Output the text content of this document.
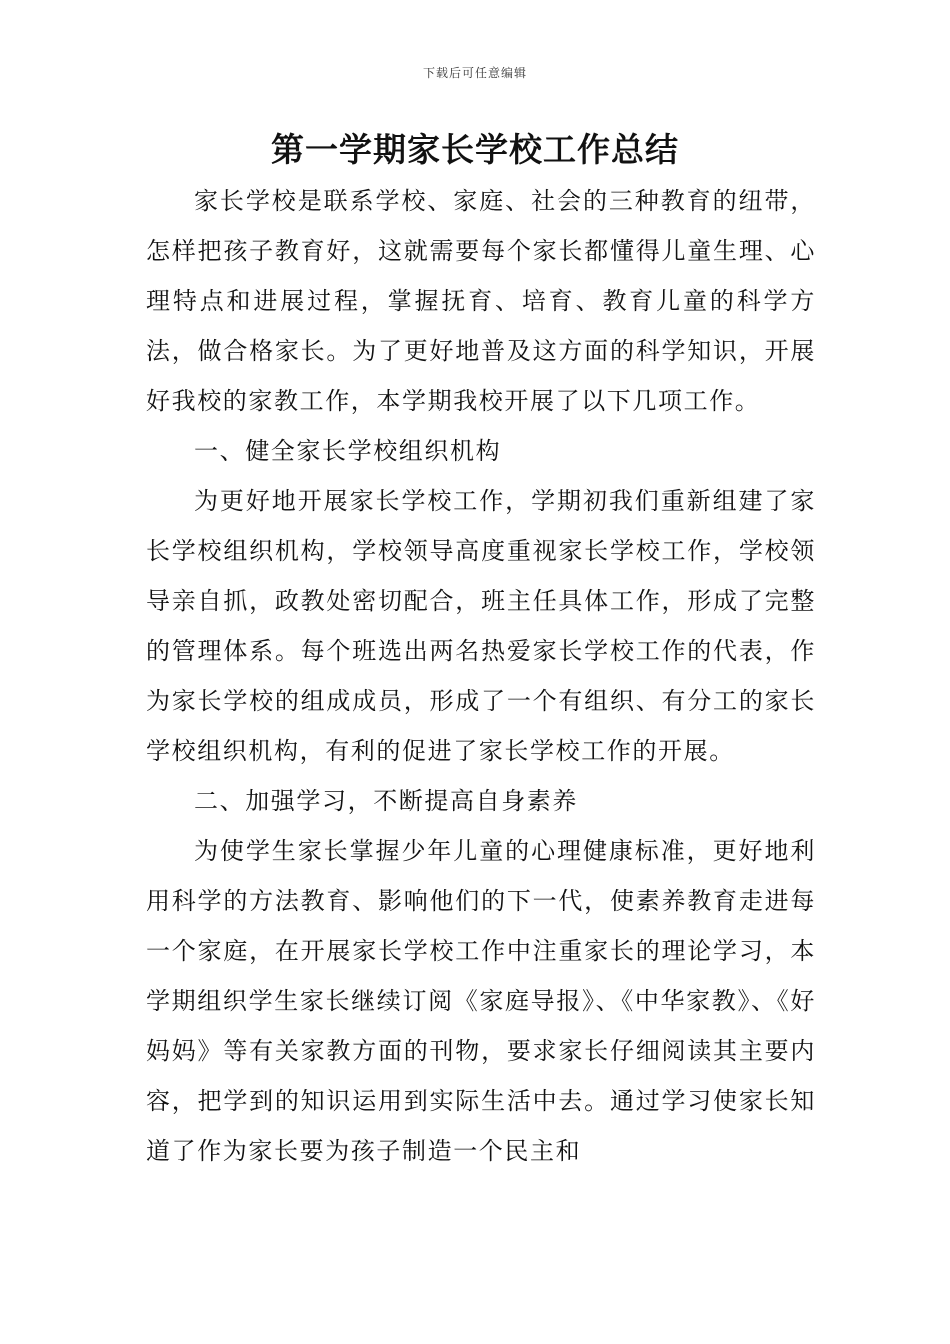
下载后可任意编辑
第一学期家长学校工作总结

家长学校是联系学校、家庭、社会的三种教育的纽带，怎样把孩子教育好，这就需要每个家长都懂得儿童生理、心理特点和进展过程，掌握抚育、培育、教育儿童的科学方法，做合格家长。为了更好地普及这方面的科学知识，开展好我校的家教工作，本学期我校开展了以下几项工作。

一、健全家长学校组织机构

为更好地开展家长学校工作，学期初我们重新组建了家长学校组织机构，学校领导高度重视家长学校工作，学校领导亲自抓，政教处密切配合，班主任具体工作，形成了完整的管理体系。每个班选出两名热爱家长学校工作的代表，作为家长学校的组成成员，形成了一个有组织、有分工的家长学校组织机构，有利的促进了家长学校工作的开展。

二、加强学习，不断提高自身素养

为使学生家长掌握少年儿童的心理健康标准，更好地利用科学的方法教育、影响他们的下一代，使素养教育走进每一个家庭，在开展家长学校工作中注重家长的理论学习，本学期组织学生家长继续订阅《家庭导报》、《中华家教》、《好妈妈》等有关家教方面的刊物，要求家长仔细阅读其主要内容，把学到的知识运用到实际生活中去。通过学习使家长知道了作为家长要为孩子制造一个民主和
